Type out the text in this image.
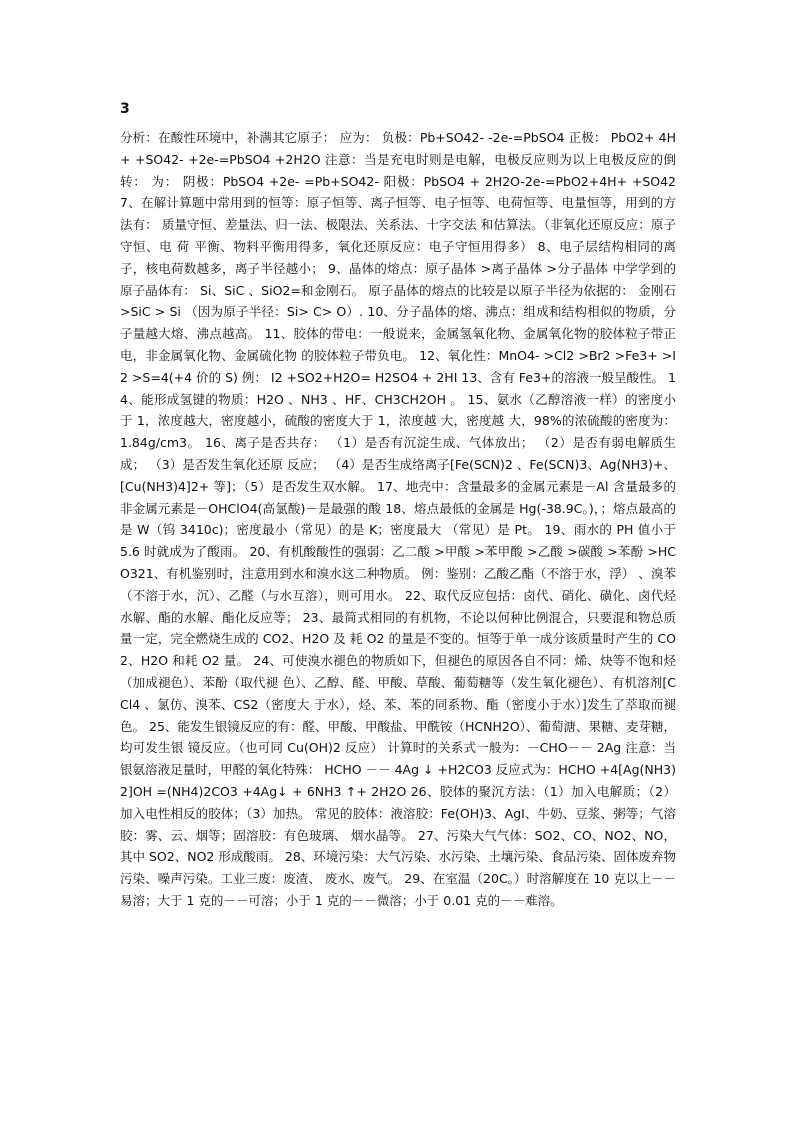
3

分析：在酸性环境中，补满其它原子： 应为： 负极：Pb+SO42- -2e-=PbSO4 正极： PbO2+ 4H+ +SO42- +2e-=PbSO4 +2H2O 注意：当是充电时则是电解，电极反应则为以上电极反应的倒转： 为： 阴极：PbSO4 +2e- =Pb+SO42- 阳极：PbSO4 + 2H2O-2e-=PbO2+4H+ +SO427、在解计算题中常用到的恒等：原子恒等、离子恒等、电子恒等、电荷恒等、电量恒等，用到的方法有： 质量守恒、差量法、归一法、极限法、关系法、十字交法 和估算法。（非氧化还原反应：原子守恒、电 荷 平衡、物料平衡用得多，氧化还原反应：电子守恒用得多） 8、电子层结构相同的离子，核电荷数越多，离子半径越小； 9、晶体的熔点：原子晶体 >离子晶体 >分子晶体 中学学到的原子晶体有： Si、SiC 、SiO2=和金刚石。 原子晶体的熔点的比较是以原子半径为依据的： 金刚石 >SiC > Si （因为原子半径：Si> C> O）. 10、分子晶体的熔、沸点：组成和结构相似的物质，分子量越大熔、沸点越高。 11、胶体的带电：一般说来，金属氢氧化物、金属氧化物的胶体粒子带正电，非金属氧化物、金属硫化物 的胶体粒子带负电。 12、氧化性：MnO4- >Cl2 >Br2 >Fe3+ >I2 >S=4(+4 价的 S) 例： I2 +SO2+H2O= H2SO4 + 2HI 13、含有 Fe3+的溶液一般呈酸性。 14、能形成氢键的物质：H2O 、NH3 、HF、CH3CH2OH 。 15、氨水（乙醇溶液一样）的密度小于 1，浓度越大，密度越小，硫酸的密度大于 1，浓度越 大，密度越 大，98%的浓硫酸的密度为：1.84g/cm3。 16、离子是否共存： （1）是否有沉淀生成、气体放出； （2）是否有弱电解质生成； （3）是否发生氧化还原 反应； （4）是否生成络离子[Fe(SCN)2 、Fe(SCN)3、Ag(NH3)+、[Cu(NH3)4]2+ 等]；（5）是否发生双水解。 17、地壳中：含量最多的金属元素是－Al 含量最多的非金属元素是－OHClO4(高氯酸)－是最强的酸 18、熔点最低的金属是 Hg(-38.9C。)，；熔点最高的是 W（钨 3410c)；密度最小（常见）的是 K；密度最大 （常见）是 Pt。 19、雨水的 PH 值小于 5.6 时就成为了酸雨。 20、有机酸酸性的强弱：乙二酸 >甲酸 >苯甲酸 >乙酸 >碳酸 >苯酚 >HCO321、有机鉴别时，注意用到水和溴水这二种物质。 例：鉴别：乙酸乙酯（不溶于水，浮） 、溴苯（不溶于水，沉）、乙醛（与水互溶），则可用水。 22、取代反应包括：卤代、硝化、磺化、卤代烃水解、酯的水解、酯化反应等； 23、最简式相同的有机物，不论以何种比例混合，只要混和物总质量一定，完全燃烧生成的 CO2、H2O 及 耗 O2 的量是不变的。恒等于单一成分该质量时产生的 CO2、H2O 和耗 O2 量。 24、可使溴水褪色的物质如下，但褪色的原因各自不同：烯、炔等不饱和烃（加成褪色）、苯酚（取代褪 色）、乙醇、醛、甲酸、草酸、葡萄糖等（发生氧化褪色）、有机溶剂[CCl4 、氯仿、溴苯、CS2（密度大 于水），烃、苯、苯的同系物、酯（密度小于水）]发生了萃取而褪色。 25、能发生银镜反应的有：醛、甲酸、甲酸盐、甲酰铵（HCNH2O）、葡萄溏、果糖、麦芽糖，均可发生银 镜反应。（也可同 Cu(OH)2 反应） 计算时的关系式一般为：－CHO－－ 2Ag 注意：当银氨溶液足量时，甲醛的氧化特殊： HCHO －－ 4Ag ↓ +H2CO3 反应式为：HCHO +4[Ag(NH3)2]OH =(NH4)2CO3 +4Ag↓ + 6NH3 ↑+ 2H2O 26、胶体的聚沉方法：（1）加入电解质；（2）加入电性相反的胶体；（3）加热。 常见的胶体：液溶胶：Fe(OH)3、AgI、牛奶、豆浆、粥等；气溶胶：雾、云、烟等；固溶胶：有色玻璃、 烟水晶等。 27、污染大气气体：SO2、CO、NO2、NO，其中 SO2、NO2 形成酸雨。 28、环境污染：大气污染、水污染、土壤污染、食品污染、固体废弃物污染、噪声污染。工业三废：废渣、 废水、废气。 29、在室温（20C。）时溶解度在 10 克以上－－易溶；大于 1 克的－－可溶；小于 1 克的－－微溶；小于 0.01 克的－－难溶。
